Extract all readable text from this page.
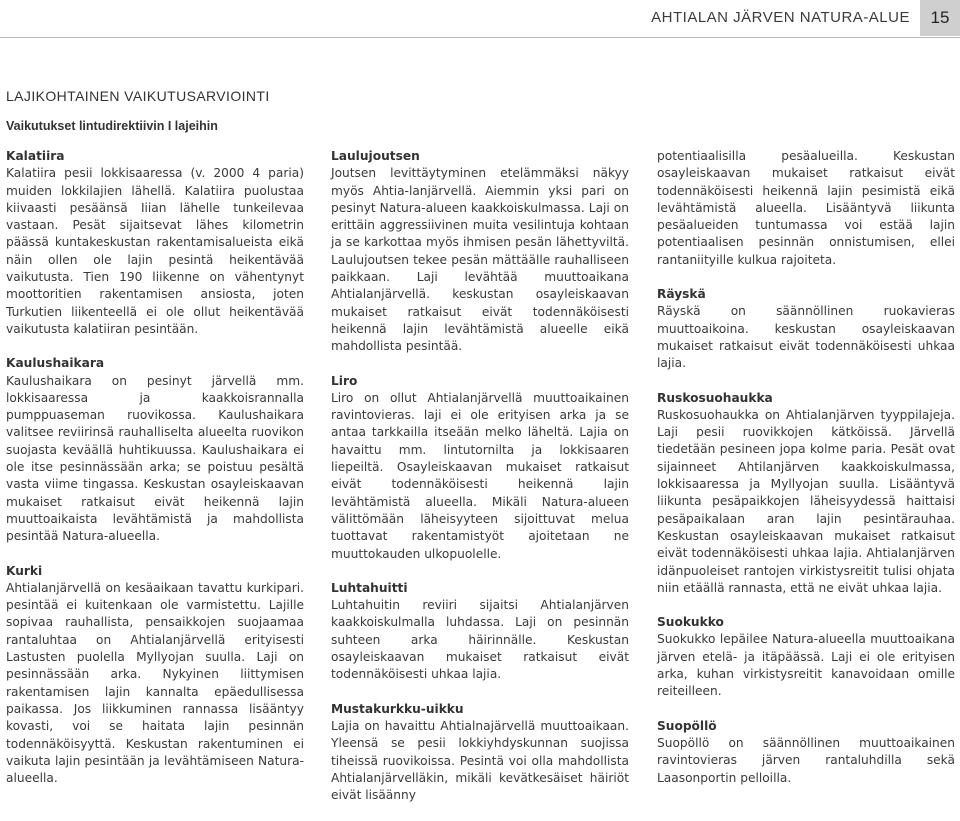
15
AHTIALAN JÄRVEN NATURA-ALUE
LAJIKOHTAINEN VAIKUTUSARVIOINTI
Vaikutukset lintudirektiivin I lajeihin
Kalatiira

Kalatiira pesii lokkisaaressa (v. 2000 4 paria) muiden lokkilajien lähellä. Kalatiira puolustaa kiivaasti pesäänsä Iiian lähelle tunkeilevaa vastaan. Pesät sijaitsevat lähes kilometrin päässä kuntakeskustan rakentamisalueista eikä näin ollen ole lajin pesintä heikentävää vaikutusta. Tien 190 liikenne on vähentynyt moottoritien rakentamisen ansiosta, joten Turkutien liikenteellä ei ole ollut heikentävää vaikutusta kalatiiran pesintään.

Kaulushaikara

Kaulushaikara on pesinyt järvellä mm. lokkisaaressa ja kaakkoisrannalla pumppuaseman ruovikossa. Kaulushaikara valitsee reviirinsä rauhalliselta alueelta ruovikon suojasta keväällä huhtikuussa. Kaulushaikara ei ole itse pesinnässään arka; se poistuu pesältä vasta viime tingassa. Keskustan osayleiskaavan mukaiset ratkaisut eivät heikennä lajin muuttoaikaista levähtämistä ja mahdollista pesintää Natura-alueella.

Kurki

Ahtialanjärvellä on kesäaikaan tavattu kurkipari. pesintää ei kuitenkaan ole varmistettu. Lajille sopivaa rauhallista, pensaikkojen suojaamaa rantaluhtaa on Ahtialanjärvellä erityisesti Lastusten puolella Myllyojan suulla. Laji on pesinnässään arka. Nykyinen liittymisen rakentamisen lajin kannalta epäedullisessa paikassa. Jos liikkuminen rannassa lisääntyy kovasti, voi se haitata lajin pesinnän todennäköisyyttä. Keskustan rakentuminen ei vaikuta lajin pesintään ja levähtämiseen Natura-alueella.

Laulujoutsen

Joutsen levittäytyminen etelämmäksi näkyy myös Ahtia-lanjärvellä. Aiemmin yksi pari on pesinyt Natura-alueen kaakkoiskulmassa. Laji on erittäin aggressiivinen muita vesilintuja kohtaan ja se karkottaa myös ihmisen pesän lähettyviltä. Laulujoutsen tekee pesän mättäälle rauhalliseen paikkaan. Laji levähtää muuttoaikana Ahtialanjärvellä. keskustan osayleiskaavan mukaiset ratkaisut eivät todennäköisesti heikennä lajin levähtämistä alueelle eikä mahdollista pesintää.

Liro

Liro on ollut Ahtialanjärvellä muuttoaikainen ravintovieras. laji ei ole erityisen arka ja se antaa tarkkailla itseään melko läheltä. Lajia on havaittu mm. lintutornilta ja lokkisaaren liepeiltä. Osayleiskaavan mukaiset ratkaisut eivät todennäköisesti heikennä lajin levähtämistä alueella. Mikäli Natura-alueen välittömään läheisyyteen sijoittuvat melua tuottavat rakentamistyöt ajoitetaan ne muuttokauden ulkopuolelle.

Luhtahuitti

Luhtahuitin reviiri sijaitsi Ahtialanjärven kaakkoiskulmalla luhdassa. Laji on pesinnän suhteen arka häirinnälle. Keskustan osayleiskaavan mukaiset ratkaisut eivät todennäköisesti uhkaa lajia.

Mustakurkku-uikku

Lajia on havaittu Ahtialnajärvellä muuttoaikaan. Yleensä se pesii lokkiyhdyskunnan suojissa tiheissä ruovikoissa. Pesintä voi olla mahdollista Ahtialanjärvelläkin, mikäli kevätkesäiset häiriöt eivät lisäänny

potentiaalisilla pesäalueilla. Keskustan osayleiskaavan mukaiset ratkaisut eivät todennäköisesti heikennä lajin pesimistä eikä levähtämistä alueella. Lisääntyvä liikunta pesäalueiden tuntumassa voi estää lajin potentiaalisen pesinnän onnistumisen, ellei rantaniityille kulkua rajoiteta.

Räyskä

Räyskä on säännöllinen ruokavieras muuttoaikoina. keskustan osayleiskaavan mukaiset ratkaisut eivät todennäköisesti uhkaa lajia.

Ruskosuohaukka

Ruskosuohaukka on Ahtialanjärven tyyppilajeja. Laji pesii ruovikkojen kätköissä. Järvellä tiedetään pesineen jopa kolme paria. Pesät ovat sijainneet Ahtilanjärven kaakkoiskulmassa, lokkisaaressa ja Myllyojan suulla. Lisääntyvä liikunta pesäpaikkojen läheisyydessä haittaisi pesäpaikalaan aran lajin pesintärauhaa. Keskustan osayleiskaavan mukaiset ratkaisut eivät todennäköisesti uhkaa lajia. Ahtialanjärven idänpuoleiset rantojen virkistysreitit tulisi ohjata niin etäällä rannasta, että ne eivät uhkaa lajia.

Suokukko

Suokukko lepäilee Natura-alueella muuttoaikana järven etelä- ja itäpäässä. Laji ei ole erityisen arka, kuhan virkistysreitit kanavoidaan omille reiteilleen.

Suopöllö

Suopöllö on säännöllinen muuttoaikainen ravintovieras järven rantaluhdilla sekä Laasonportin pelloilla.
